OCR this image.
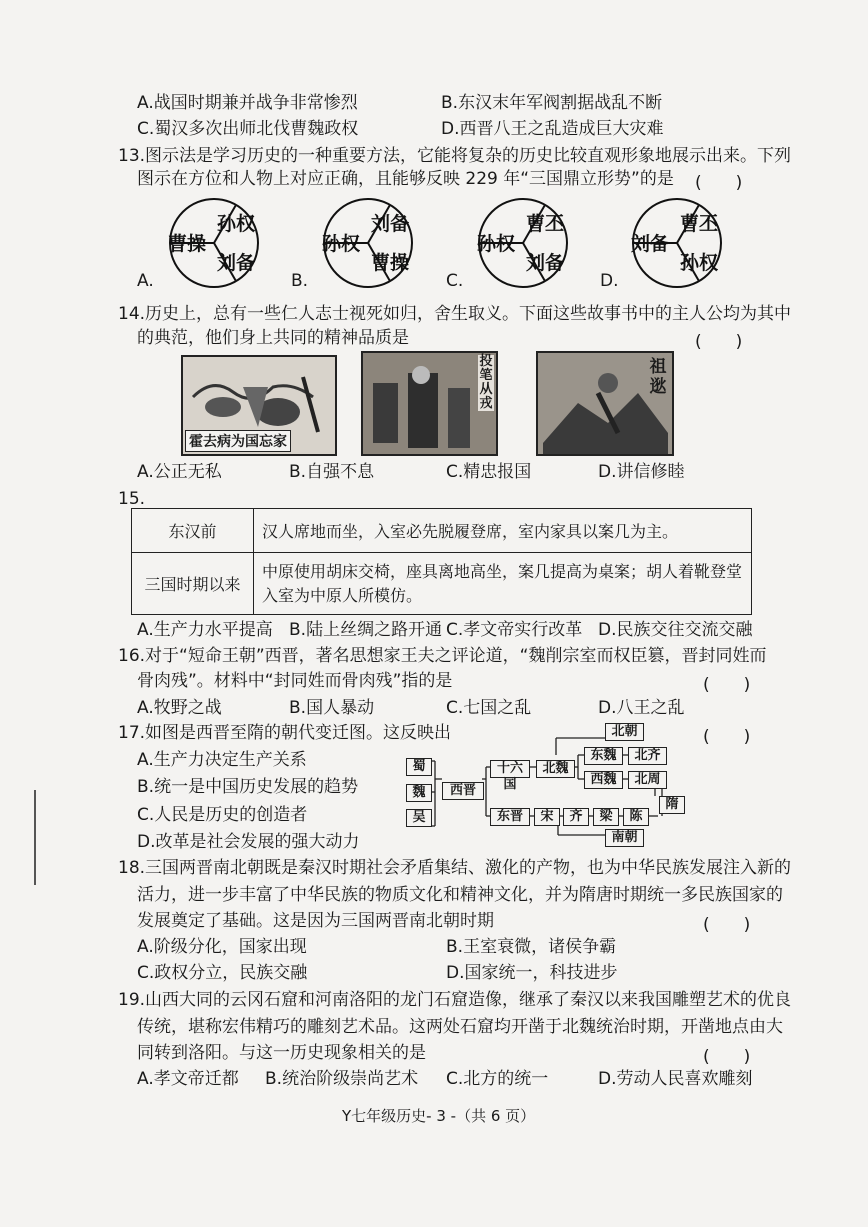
A.战国时期兼并战争非常惨烈	B.东汉末年军阀割据战乱不断
C.蜀汉多次出师北伐曹魏政权	D.西晋八王之乱造成巨大灾难
13.图示法是学习历史的一种重要方法，它能将复杂的历史比较直观形象地展示出来。下列
图示在方位和人物上对应正确，且能够反映 229 年“三国鼎立形势”的是 (　　)
曹操
孙权
刘备
A.
孙权
刘备
曹操
B.
孙权
曹丕
刘备
C.
刘备
曹丕
孙权
D.
14.历史上，总有一些仁人志士视死如归，舍生取义。下面这些故事书中的主人公均为其中
的典范，他们身上共同的精神品质是	(　　)
霍去病为国忘家
投笔从戎
祖逖
A.公正无私	B.自强不息	C.精忠报国	D.讲信修睦
15.
东汉前	汉人席地而坐，入室必先脱履登席，室内家具以案几为主。
三国时期以来	中原使用胡床交椅，座具离地高坐，案几提高为桌案；胡人着靴登堂入室为中原人所模仿。
A.生产力水平提高 B.陆上丝绸之路开通 C.孝文帝实行改革 D.民族交往交流交融
16.对于“短命王朝”西晋，著名思想家王夫之评论道，“魏削宗室而权臣篡，晋封同姓而
骨肉残”。材料中“封同姓而骨肉残”指的是	(　　)
A.牧野之战	B.国人暴动	C.七国之乱	D.八王之乱
17.如图是西晋至隋的朝代变迁图。这反映出	(　　)
A.生产力决定生产关系
B.统一是中国历史发展的趋势
C.人民是历史的创造者
D.改革是社会发展的强大动力
蜀
魏
吴
西晋
十六国
北魏
东魏	北齐
西魏	北周
北朝
东晋	宋	齐	梁	陈
南朝
隋
18.三国两晋南北朝既是秦汉时期社会矛盾集结、激化的产物，也为中华民族发展注入新的
活力，进一步丰富了中华民族的物质文化和精神文化，并为隋唐时期统一多民族国家的
发展奠定了基础。这是因为三国两晋南北朝时期	(　　)
A.阶级分化，国家出现	B.王室衰微，诸侯争霸
C.政权分立，民族交融	D.国家统一，科技进步
19.山西大同的云冈石窟和河南洛阳的龙门石窟造像，继承了秦汉以来我国雕塑艺术的优良
传统，堪称宏伟精巧的雕刻艺术品。这两处石窟均开凿于北魏统治时期，开凿地点由大
同转到洛阳。与这一历史现象相关的是	(　　)
A.孝文帝迁都 B.统治阶级崇尚艺术 C.北方的统一	D.劳动人民喜欢雕刻
Y七年级历史- 3 -（共 6 页）
